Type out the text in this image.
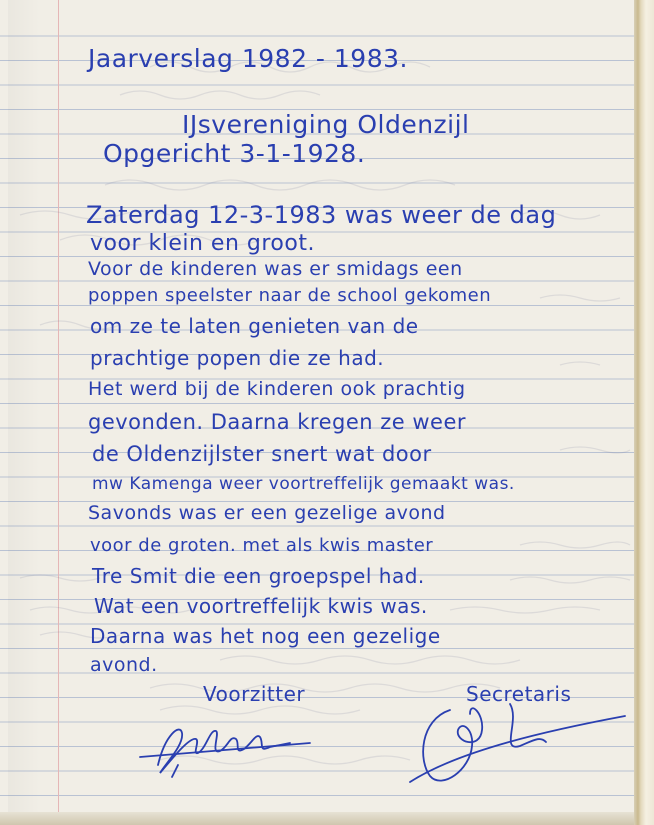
Jaarverslag 1982 - 1983.
IJsvereniging Oldenzijl
Opgericht 3-1-1928.
Zaterdag 12-3-1983 was weer de dag
voor klein en groot.
Voor de kinderen was er smidags een
poppen speelster naar de school gekomen
om ze te laten genieten van de
prachtige popen die ze had.
Het werd bij de kinderen ook prachtig
gevonden. Daarna kregen ze weer
de Oldenzijlster snert wat door
mw Kamenga weer voortreffelijk gemaakt was.
Savonds was er een gezelige avond
voor de groten. met als kwis master
Tre Smit die een groepspel had.
Wat een voortreffelijk kwis was.
Daarna was het nog een gezelige
avond.
Voorzitter	Secretaris
